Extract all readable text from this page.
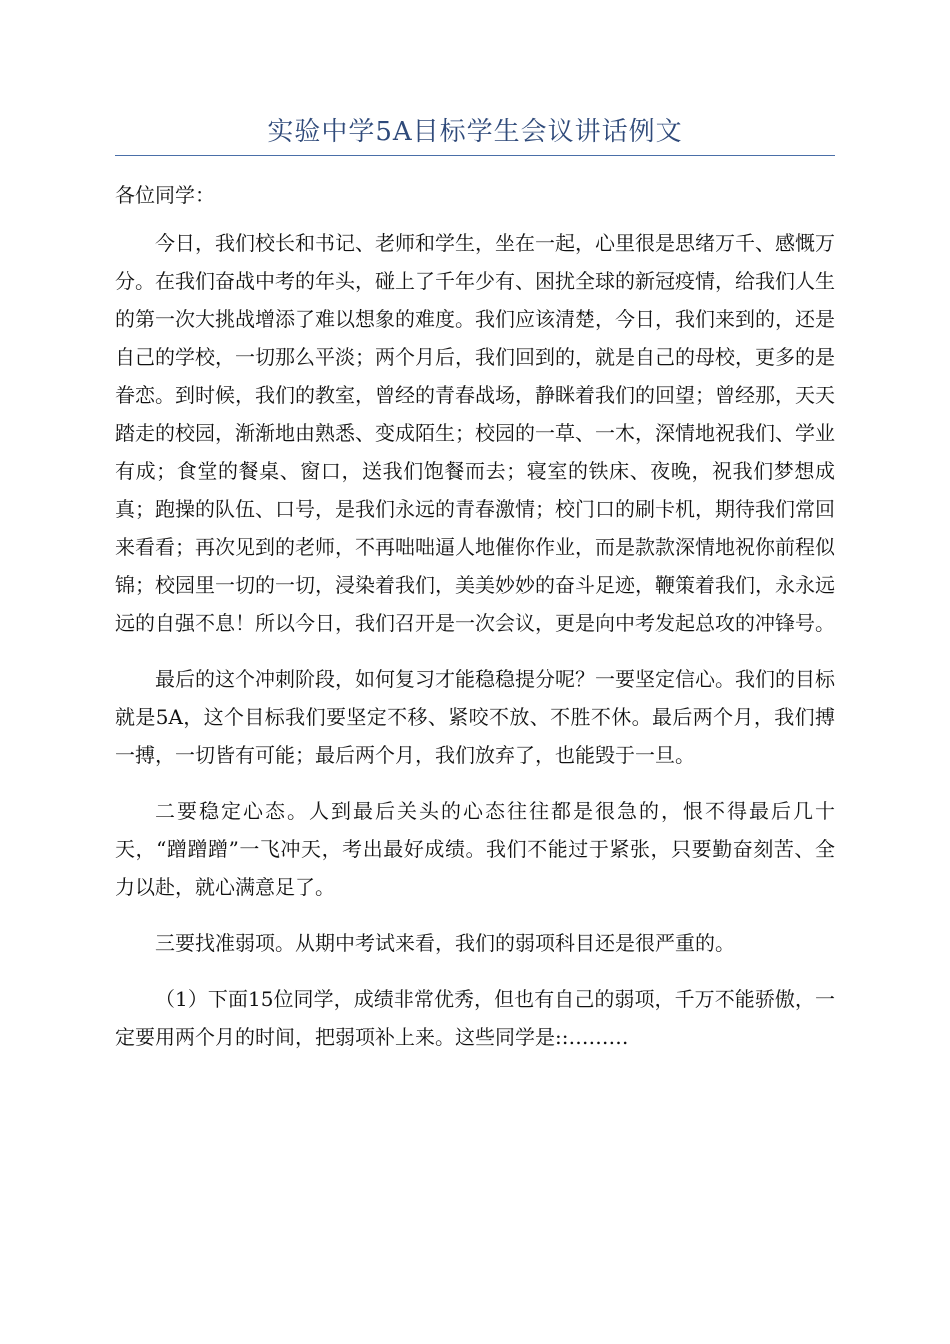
实验中学5A目标学生会议讲话例文

各位同学：

今日，我们校长和书记、老师和学生，坐在一起，心里很是思绪万千、感慨万分。在我们奋战中考的年头，碰上了千年少有、困扰全球的新冠疫情，给我们人生的第一次大挑战增添了难以想象的难度。我们应该清楚，今日，我们来到的，还是自己的学校，一切那么平淡；两个月后，我们回到的，就是自己的母校，更多的是眷恋。到时候，我们的教室，曾经的青春战场，静眯着我们的回望；曾经那，天天踏走的校园，渐渐地由熟悉、变成陌生；校园的一草、一木，深情地祝我们、学业有成；食堂的餐桌、窗口，送我们饱餐而去；寝室的铁床、夜晚，祝我们梦想成真；跑操的队伍、口号，是我们永远的青春激情；校门口的刷卡机，期待我们常回来看看；再次见到的老师，不再咄咄逼人地催你作业，而是款款深情地祝你前程似锦；校园里一切的一切，浸染着我们，美美妙妙的奋斗足迹，鞭策着我们，永永远远的自强不息！所以今日，我们召开是一次会议，更是向中考发起总攻的冲锋号。

最后的这个冲刺阶段，如何复习才能稳稳提分呢？一要坚定信心。我们的目标就是5A，这个目标我们要坚定不移、紧咬不放、不胜不休。最后两个月，我们搏一搏，一切皆有可能；最后两个月，我们放弃了，也能毁于一旦。

二要稳定心态。人到最后关头的心态往往都是很急的，恨不得最后几十天，“蹭蹭蹭”一飞冲天，考出最好成绩。我们不能过于紧张，只要勤奋刻苦、全力以赴，就心满意足了。

三要找准弱项。从期中考试来看，我们的弱项科目还是很严重的。

（1）下面15位同学，成绩非常优秀，但也有自己的弱项，千万不能骄傲，一定要用两个月的时间，把弱项补上来。这些同学是::………
